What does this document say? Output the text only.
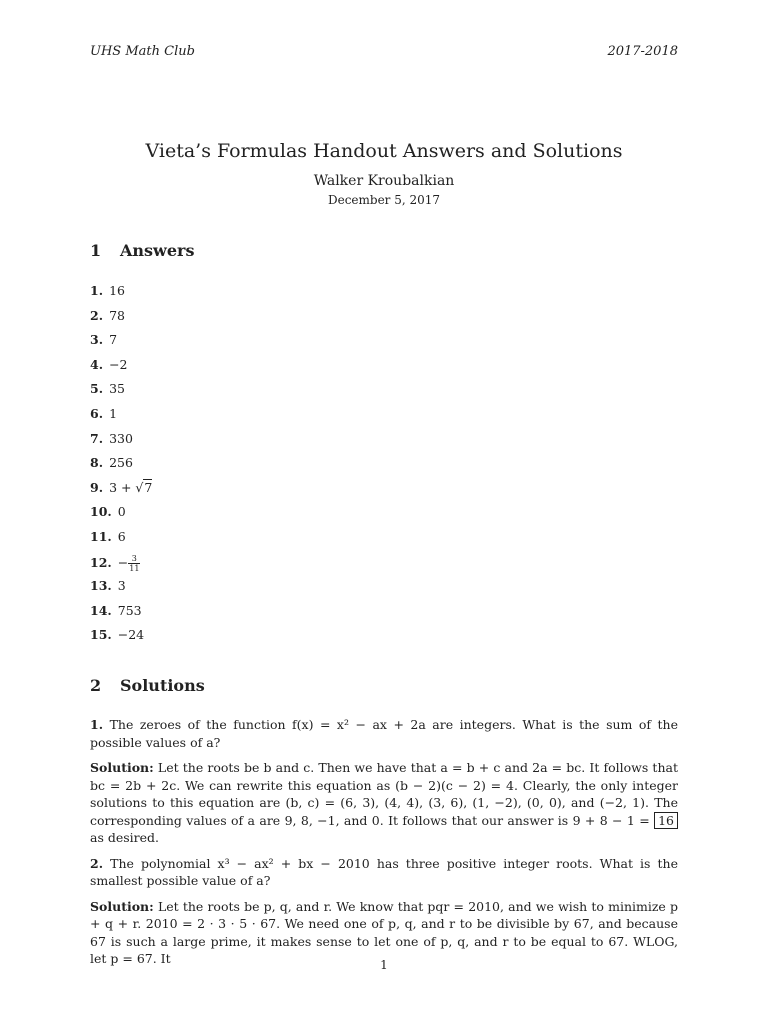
UHS Math Club	2017-2018
Vieta’s Formulas Handout Answers and Solutions
Walker Kroubalkian
December 5, 2017
1 Answers
1. 16
2. 78
3. 7
4. −2
5. 35
6. 1
7. 330
8. 256
9. 3 + √7
10. 0
11. 6
12. − $\frac{3}{11}$
13. 3
14. 753
15. −24
2 Solutions

1. The zeroes of the function f(x) = x² − ax + 2a are integers. What is the sum of the possible values of a?

Solution: Let the roots be b and c. Then we have that a = b + c and 2a = bc. It follows that bc = 2b + 2c. We can rewrite this equation as (b − 2)(c − 2) = 4. Clearly, the only integer solutions to this equation are (b, c) = (6, 3), (4, 4), (3, 6), (1, −2), (0, 0), and (−2, 1). The corresponding values of a are 9, 8, −1, and 0. It follows that our answer is 9 + 8 − 1 = 16 as desired.

2. The polynomial x³ − ax² + bx − 2010 has three positive integer roots. What is the smallest possible value of a?

Solution: Let the roots be p, q, and r. We know that pqr = 2010, and we wish to minimize p + q + r. 2010 = 2 · 3 · 5 · 67. We need one of p, q, and r to be divisible by 67, and because 67 is such a large prime, it makes sense to let one of p, q, and r to be equal to 67. WLOG, let p = 67. It	1
